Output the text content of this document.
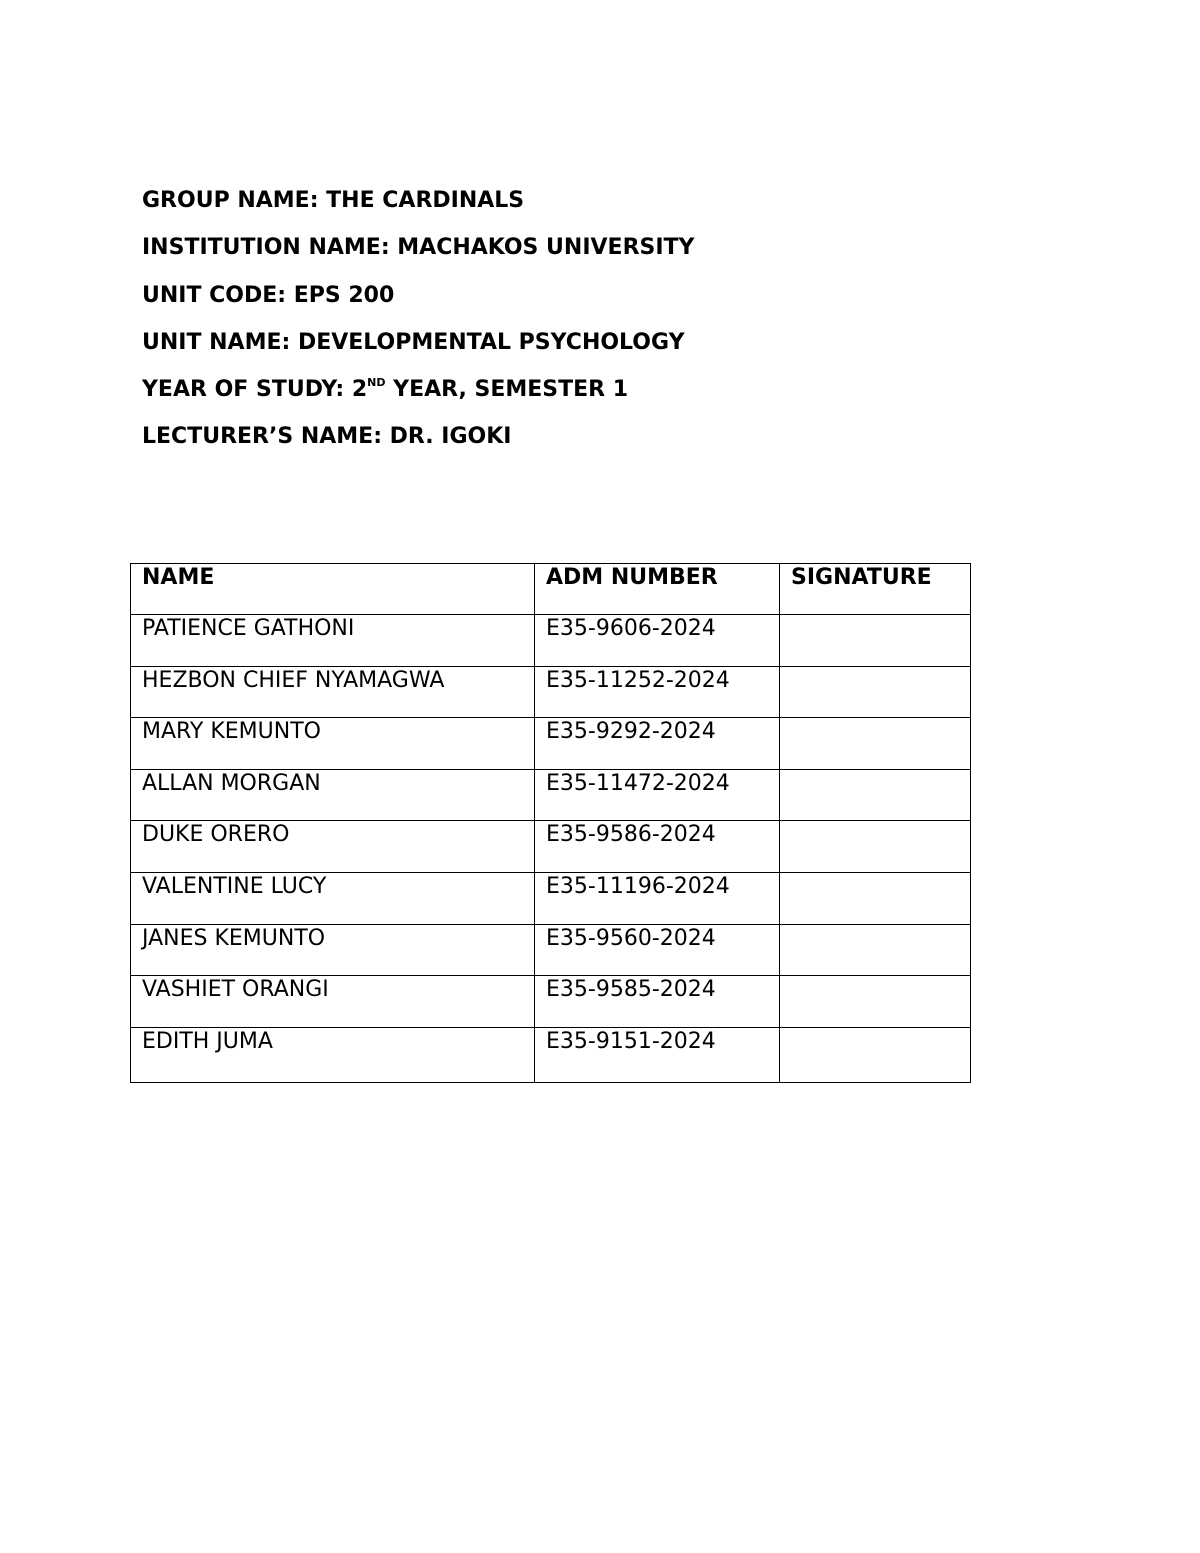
GROUP NAME: THE CARDINALS
INSTITUTION NAME: MACHAKOS UNIVERSITY
UNIT CODE: EPS 200
UNIT NAME: DEVELOPMENTAL PSYCHOLOGY
YEAR OF STUDY: 2ND YEAR, SEMESTER 1
LECTURER’S NAME: DR. IGOKI
NAME	ADM NUMBER	SIGNATURE
PATIENCE GATHONI	E35-9606-2024	
HEZBON CHIEF NYAMAGWA	E35-11252-2024	
MARY KEMUNTO	E35-9292-2024	
ALLAN MORGAN	E35-11472-2024	
DUKE ORERO	E35-9586-2024	
VALENTINE LUCY	E35-11196-2024	
JANES KEMUNTO	E35-9560-2024	
VASHIET ORANGI	E35-9585-2024	
EDITH JUMA	E35-9151-2024	
